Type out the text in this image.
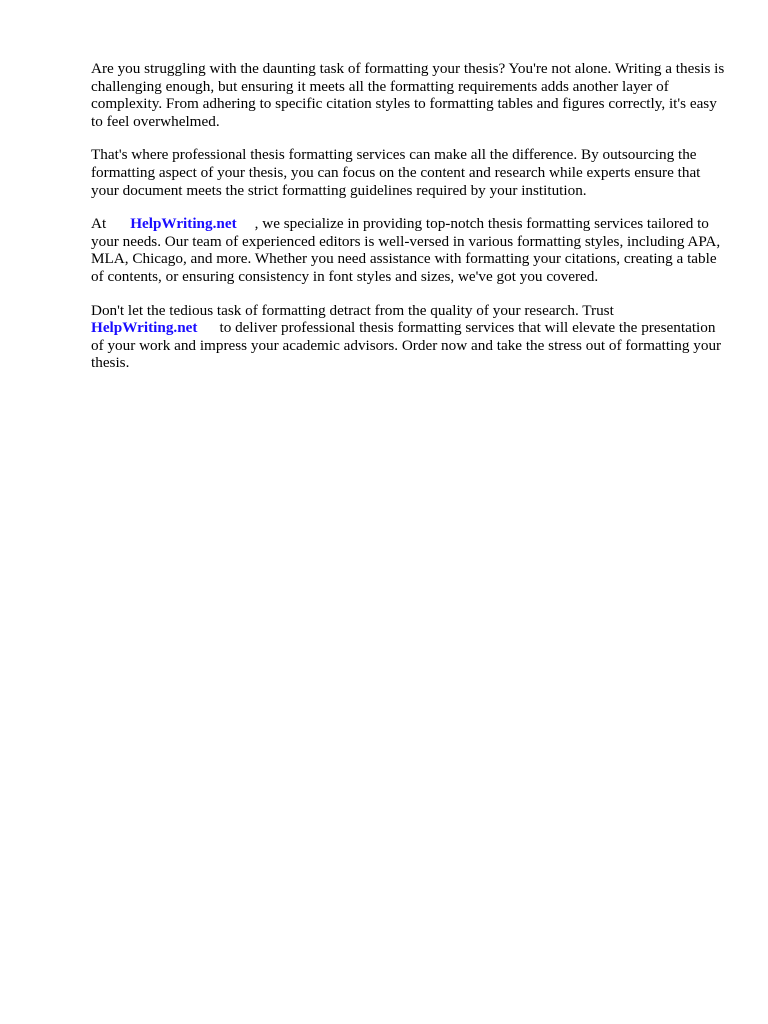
Are you struggling with the daunting task of formatting your thesis? You're not alone. Writing a thesis is challenging enough, but ensuring it meets all the formatting requirements adds another layer of complexity. From adhering to specific citation styles to formatting tables and figures correctly, it's easy to feel overwhelmed.

That's where professional thesis formatting services can make all the difference. By outsourcing the formatting aspect of your thesis, you can focus on the content and research while experts ensure that your document meets the strict formatting guidelines required by your institution.

At HelpWriting.net , we specialize in providing top-notch thesis formatting services tailored to your needs. Our team of experienced editors is well-versed in various formatting styles, including APA, MLA, Chicago, and more. Whether you need assistance with formatting your citations, creating a table of contents, or ensuring consistency in font styles and sizes, we've got you covered.

Don't let the tedious task of formatting detract from the quality of your research. Trust
HelpWriting.net to deliver professional thesis formatting services that will elevate the presentation of your work and impress your academic advisors. Order now and take the stress out of formatting your thesis.
